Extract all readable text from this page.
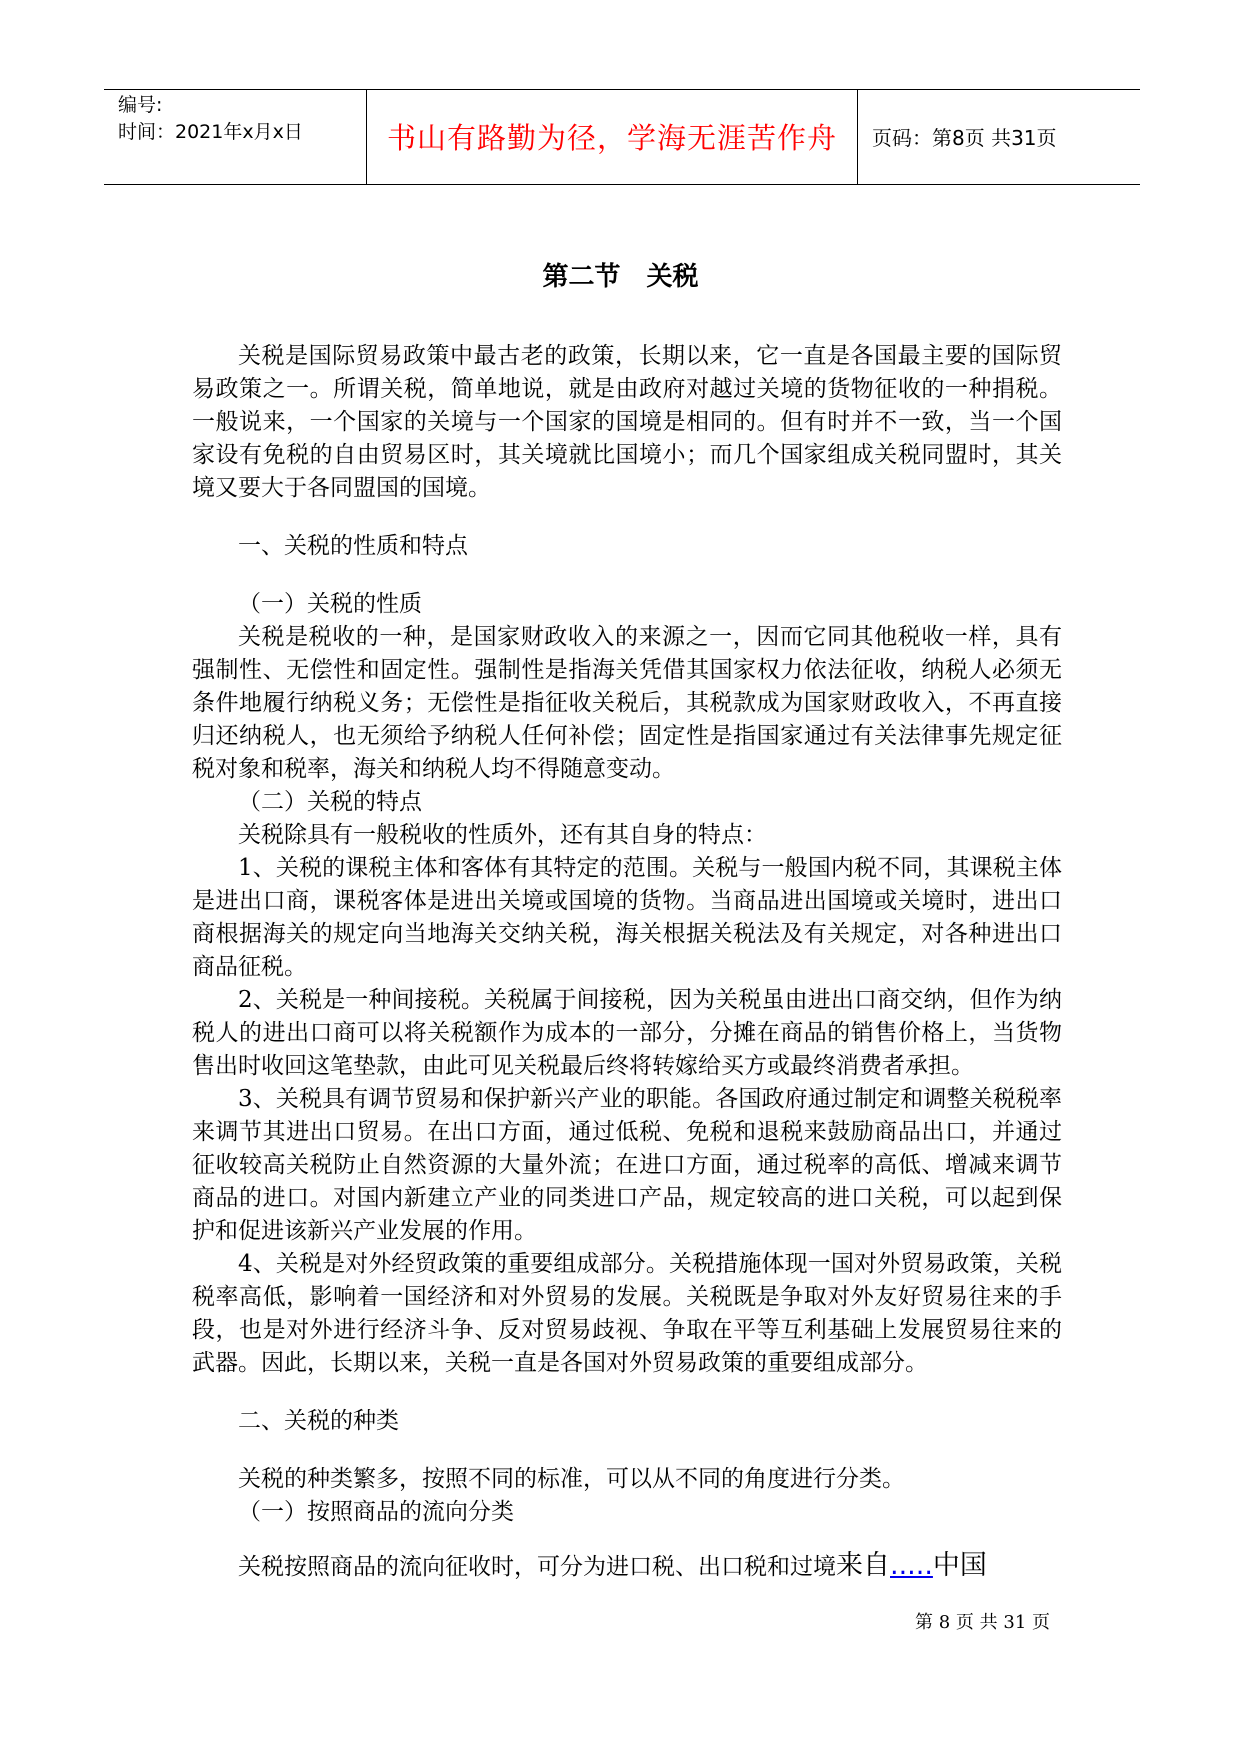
编号:
时间：2021年x月x日	书山有路勤为径，学海无涯苦作舟	页码：第8页 共31页
第二节　关税

关税是国际贸易政策中最古老的政策，长期以来，它一直是各国最主要的国际贸易政策之一。所谓关税，简单地说，就是由政府对越过关境的货物征收的一种捐税。一般说来，一个国家的关境与一个国家的国境是相同的。但有时并不一致，当一个国家设有免税的自由贸易区时，其关境就比国境小；而几个国家组成关税同盟时，其关境又要大于各同盟国的国境。

一、关税的性质和特点

（一）关税的性质

关税是税收的一种，是国家财政收入的来源之一，因而它同其他税收一样，具有强制性、无偿性和固定性。强制性是指海关凭借其国家权力依法征收，纳税人必须无条件地履行纳税义务；无偿性是指征收关税后，其税款成为国家财政收入，不再直接归还纳税人，也无须给予纳税人任何补偿；固定性是指国家通过有关法律事先规定征税对象和税率，海关和纳税人均不得随意变动。

（二）关税的特点

关税除具有一般税收的性质外，还有其自身的特点：

1、关税的课税主体和客体有其特定的范围。关税与一般国内税不同，其课税主体是进出口商，课税客体是进出关境或国境的货物。当商品进出国境或关境时，进出口商根据海关的规定向当地海关交纳关税，海关根据关税法及有关规定，对各种进出口商品征税。

2、关税是一种间接税。关税属于间接税，因为关税虽由进出口商交纳，但作为纳税人的进出口商可以将关税额作为成本的一部分，分摊在商品的销售价格上，当货物售出时收回这笔垫款，由此可见关税最后终将转嫁给买方或最终消费者承担。

3、关税具有调节贸易和保护新兴产业的职能。各国政府通过制定和调整关税税率来调节其进出口贸易。在出口方面，通过低税、免税和退税来鼓励商品出口，并通过征收较高关税防止自然资源的大量外流；在进口方面，通过税率的高低、增减来调节商品的进口。对国内新建立产业的同类进口产品，规定较高的进口关税，可以起到保护和促进该新兴产业发展的作用。

4、关税是对外经贸政策的重要组成部分。关税措施体现一国对外贸易政策，关税税率高低，影响着一国经济和对外贸易的发展。关税既是争取对外友好贸易往来的手段，也是对外进行经济斗争、反对贸易歧视、争取在平等互利基础上发展贸易往来的武器。因此，长期以来，关税一直是各国对外贸易政策的重要组成部分。

二、关税的种类

关税的种类繁多，按照不同的标准，可以从不同的角度进行分类。

（一）按照商品的流向分类

关税按照商品的流向征收时，可分为进口税、出口税和过境来自.....中国

第 8 页 共 31 页
